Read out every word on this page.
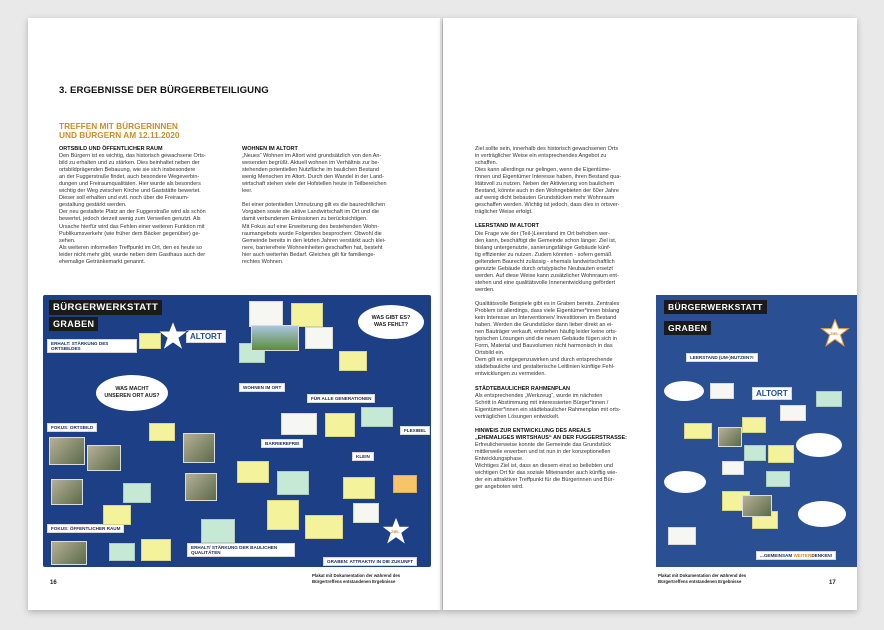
3. ERGEBNISSE DER BÜRGERBETEILIGUNG
TREFFEN MIT BÜRGERINNEN
UND BÜRGERN AM 12.11.2020
ORTSBILD UND ÖFFENTLICHER RAUM
Den Bürgern ist es wichtig, das historisch gewachsene Orts-
bild zu erhalten und zu stärken. Dies beinhaltet neben der
ortsbildprägenden Bebauung, wie sie sich insbesondere
an der Fuggerstraße findet, auch besondere Wegeverbin-
dungen und Freiraumqualitäten. Hier wurde als besonders
wichtig der Weg zwischen Kirche und Gaststätte bewertet.
Dieser soll erhalten und evtl. noch über die Freiraum-
gestaltung gestärkt werden.
Der neu gestaltete Platz an der Fuggerstraße wird als schön
bewertet, jedoch derzeit wenig zum Verweilen genutzt. Als
Ursache hierfür wird das Fehlen einer weiteren Funktion mit
Publikumsverkehr (wie früher dem Bäcker gegenüber) ge-
sehen.
Als weiteren informellen Treffpunkt im Ort, den es heute so
leider nicht mehr gibt, wurde neben dem Gasthaus auch der
ehemalige Getränkemarkt genannt.
WOHNEN IM ALTORT
„Neues“ Wohnen im Altort wird grundsätzlich von den An-
wesenden begrüßt. Aktuell wohnen im Verhältnis zur be-
stehenden potentiellen Nutzfläche im baulichen Bestand
wenig Menschen im Altort. Durch den Wandel in der Land-
wirtschaft stehen viele der Hofstellen heute in Teilbereichen
leer.

Bei einer potentiellen Umnutzung gilt es die baurechtlichen
Vorgaben sowie die aktive Landwirtschaft im Ort und die
damit verbundenen Emissionen zu berücksichtigen.
Mit Fokus auf eine Erweiterung des bestehenden Wohn-
raumangebots wurde Folgendes besprochen: Obwohl die
Gemeinde bereits in den letzten Jahren verstärkt auch klei-
nere, barrierefreie Wohneinheiten geschaffen hat, besteht
hier auch weiterhin Bedarf. Gleiches gilt für familienge-
rechtes Wohnen.
BÜRGERWERKSTATT
GRABEN
ERHALT: STÄRKUNG DES ORTSBILDES
ALTORT
WOHNEN IM ORT
FÜR ALLE GENERATIONEN
BARRIEREFREI
KLEIN
FLEXIBEL
FOKUS: ORTSBILD
FOKUS: ÖFFENTLICHER RAUM
ERHALT/ STÄRKUNG DER BAULICHEN QUALITÄTEN
GRABEN: ATTRAKTIV IN DIE ZUKUNFT
WAS GIBT ES?
WAS FEHLT?
WAS MACHT
UNSEREN ORT AUS?
ZIEL
Plakat mit Dokumentation der während des
Bürgertreffens entstandenen Ergebnisse
16
Ziel sollte sein, innerhalb des historisch gewachsenen Orts
in verträglicher Weise ein entsprechendes Angebot zu
schaffen.
Dies kann allerdings nur gelingen, wenn die Eigentüme-
rinnen und Eigentümer Interesse haben, ihren Bestand qua-
litätsvoll zu nutzen. Neben der Aktivierung von baulichem
Bestand, könnte auch in den Wohngebieten der 60er Jahre
auf wenig dicht bebauten Grundstücken mehr Wohnraum
geschaffen werden. Wichtig ist jedoch, dass dies in ortsver-
träglicher Weise erfolgt.
LEERSTAND IM ALTORT
Die Frage wie der (Teil-)Leerstand im Ort behoben wer-
den kann, beschäftigt die Gemeinde schon länger. Ziel ist,
bislang untergenutzte, sanierungsfähige Gebäude künf-
tig effizienter zu nutzen. Zudem könnten - sofern gemäß
geltendem Baurecht zulässig - ehemals landwirtschaftlich
genutzte Gebäude durch ortstypische Neubauten ersetzt
werden. Auf diese Weise kann zusätzlicher Wohnraum ent-
stehen und eine qualitätsvolle Innenentwicklung gefördert
werden.

Qualitätsvolle Beispiele gibt es in Graben bereits. Zentrales
Problem ist allerdings, dass viele Eigentümer*innen bislang
kein Interesse an Interventionen/ Investitionen im Bestand
haben. Werden die Grundstücke dann lieber direkt an ei-
nen Bauträger verkauft, entstehen häufig leider keine orts-
typischen Lösungen und die neuen Gebäude fügen sich in
Form, Material und Bauvolumen nicht harmonisch in das
Ortsbild ein.
Dem gilt es entgegenzuwirken und durch entsprechende
städtebauliche und gestalterische Leitlinien künftige Fehl-
entwicklungen zu vermeiden.
STÄDTEBAULICHER RAHMENPLAN
Als entsprechendes „Werkzeug“, wurde im nächsten
Schritt in Abstimmung mit interessierten Bürger*innen /
Eigentümer*innen ein städtebaulicher Rahmenplan mit orts-
verträglichen Lösungen entwickelt.
HINWEIS ZUR ENTWICKLUNG DES AREALS
„EHEMALIGES WIRTSHAUS“ AN DER FUGGERSTRASSE:
Erfreulicherweise konnte die Gemeinde das Grundstück
mittlerweile erwerben und ist nun in der konzeptionellen
Entwicklungsphase.
Wichtiges Ziel ist, dass an diesem einst so beliebten und
wichtigen Ort für das soziale Miteinander auch künftig wie-
der ein attraktiver Treffpunkt für die Bürgerinnen und Bür-
ger angeboten wird.
BÜRGERWERKSTATT
GRABEN
ZIEL
LEERSTAND (UM-)NUTZEN?!
ALTORT
...GEMEINSAM WEITERDENKEN!
Plakat mit Dokumentation der während des
Bürgertreffens entstandenen Ergebnisse	17
